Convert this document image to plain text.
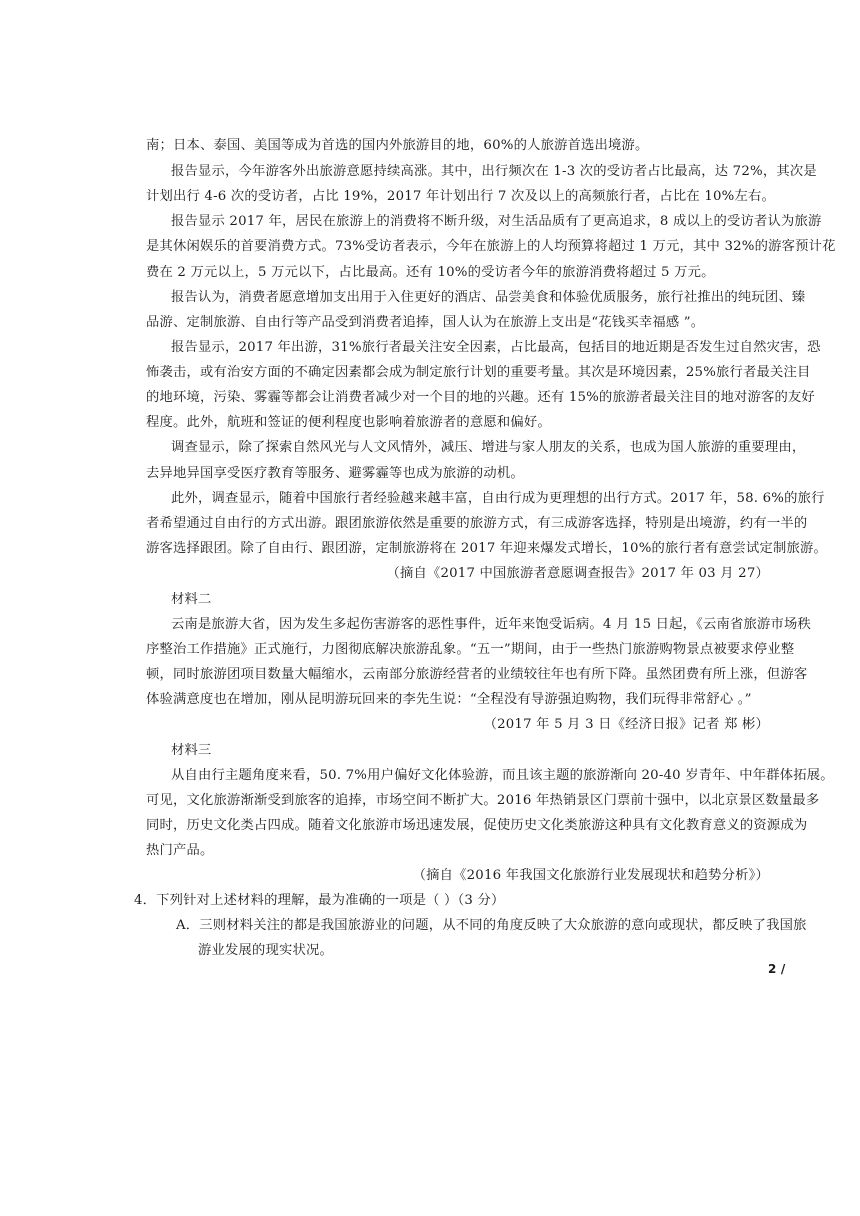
南；日本、泰国、美国等成为首选的国内外旅游目的地，60%的人旅游首选出境游。
报告显示，今年游客外出旅游意愿持续高涨。其中，出行频次在 1-3 次的受访者占比最高，达 72%，其次是
计划出行 4-6 次的受访者，占比 19%，2017 年计划出行 7 次及以上的高频旅行者，占比在 10%左右。
报告显示 2017 年，居民在旅游上的消费将不断升级，对生活品质有了更高追求，8 成以上的受访者认为旅游
是其休闲娱乐的首要消费方式。73%受访者表示，今年在旅游上的人均预算将超过 1 万元，其中 32%的游客预计花
费在 2 万元以上，5 万元以下，占比最高。还有 10%的受访者今年的旅游消费将超过 5 万元。
报告认为，消费者愿意增加支出用于入住更好的酒店、品尝美食和体验优质服务，旅行社推出的纯玩团、臻
品游、定制旅游、自由行等产品受到消费者追捧，国人认为在旅游上支出是“花钱买幸福感 ”。
报告显示，2017 年出游，31%旅行者最关注安全因素，占比最高，包括目的地近期是否发生过自然灾害，恐
怖袭击，或有治安方面的不确定因素都会成为制定旅行计划的重要考量。其次是环境因素，25%旅行者最关注目
的地环境，污染、雾霾等都会让消费者减少对一个目的地的兴趣。还有 15%的旅游者最关注目的地对游客的友好
程度。此外，航班和签证的便利程度也影响着旅游者的意愿和偏好。
调查显示，除了探索自然风光与人文风情外，减压、增进与家人朋友的关系，也成为国人旅游的重要理由，
去异地异国享受医疗教育等服务、避雾霾等也成为旅游的动机。
此外，调查显示，随着中国旅行者经验越来越丰富，自由行成为更理想的出行方式。2017 年，58. 6%的旅行
者希望通过自由行的方式出游。跟团旅游依然是重要的旅游方式，有三成游客选择，特别是出境游，约有一半的
游客选择跟团。除了自由行、跟团游，定制旅游将在 2017 年迎来爆发式增长，10%的旅行者有意尝试定制旅游。
（摘自《2017 中国旅游者意愿调查报告》2017 年 03 月 27）
材料二
云南是旅游大省，因为发生多起伤害游客的恶性事件，近年来饱受诟病。4 月 15 日起，《云南省旅游市场秩
序整治工作措施》正式施行，力图彻底解决旅游乱象。“五一”期间，由于一些热门旅游购物景点被要求停业整
顿，同时旅游团项目数量大幅缩水，云南部分旅游经营者的业绩较往年也有所下降。虽然团费有所上涨，但游客
体验满意度也在增加，刚从昆明游玩回来的李先生说：“全程没有导游强迫购物，我们玩得非常舒心 。”
（2017 年 5 月 3 日《经济日报》记者 郑 彬）
材料三
从自由行主题角度来看，50. 7%用户偏好文化体验游，而且该主题的旅游渐向 20-40 岁青年、中年群体拓展。
可见，文化旅游渐渐受到旅客的追捧，市场空间不断扩大。2016 年热销景区门票前十强中，以北京景区数量最多
同时，历史文化类占四成。随着文化旅游市场迅速发展，促使历史文化类旅游这种具有文化教育意义的资源成为
热门产品。
（摘自《2016 年我国文化旅游行业发展现状和趋势分析》）
4．下列针对上述材料的理解，最为准确的一项是（ ）（3 分）
A．三则材料关注的都是我国旅游业的问题，从不同的角度反映了大众旅游的意向或现状，都反映了我国旅
游业发展的现实状况。
2 /
